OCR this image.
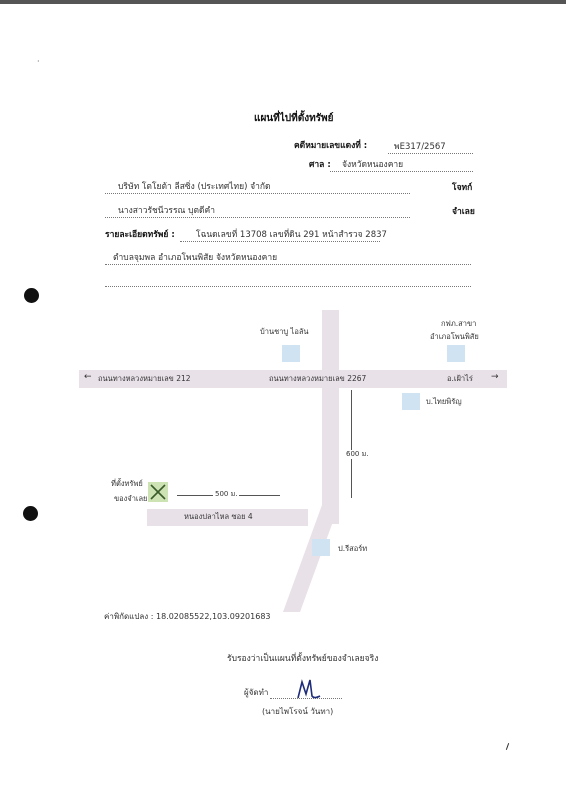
แผนที่ไปที่ตั้งทรัพย์
คดีหมายเลขแดงที่ :	พE317/2567
ศาล : จังหวัดหนองคาย
บริษัท โตโยต้า ลีสซิ่ง (ประเทศไทย) จำกัด	โจทก์
นางสาวรัชนีวรรณ บุตดีคำ	จำเลย
รายละเอียดทรัพย์ :	โฉนดเลขที่ 13708 เลขที่ดิน 291 หน้าสำรวจ 2837
ตำบลจุมพล อำเภอโพนพิสัย จังหวัดหนองคาย
←	→
ถนนทางหลวงหมายเลข 212	ถนนทางหลวงหมายเลข 2267	อ.เฝ้าไร่
บ้านชาบู ไอลัน
กฟภ.สาขา
อำเภอโพนพิสัย
บ.ไทยพิรัญ
600 ม.
500 ม.
ที่ตั้งทรัพย์
ของจำเลย
หนองปลาไหล ซอย 4
ป.รีสอร์ท
ค่าพิกัดแปลง : 18.02085522,103.09201683
รับรองว่าเป็นแผนที่ตั้งทรัพย์ของจำเลยจริง
ผู้จัดทำ
(นายไพโรจน์ วันทา)
·
